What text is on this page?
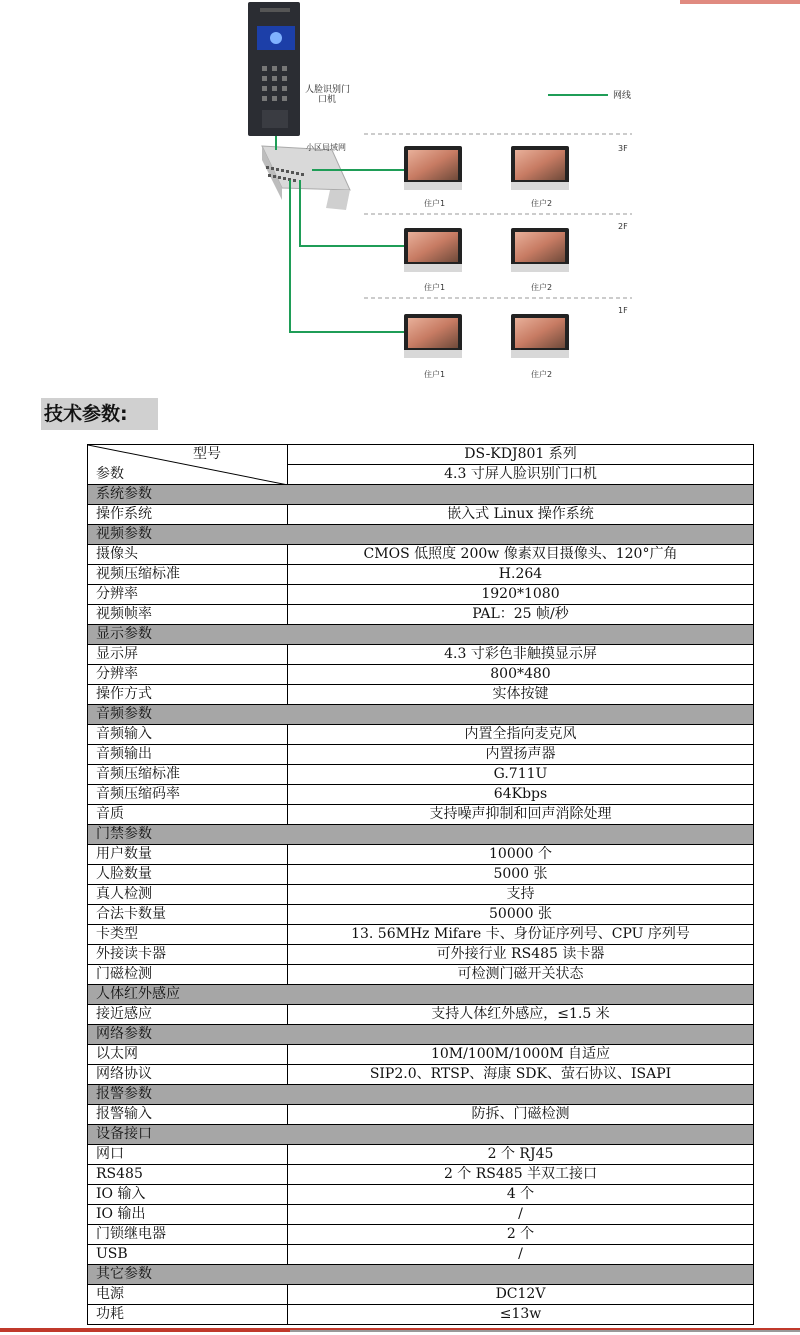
人脸识别门
口机	网线
小区局域网	3F
2F
1F
住户1	住户2
住户1	住户2
住户1	住户2
技术参数:
型号
参数	DS-KDJ801 系列
	4.3 寸屏人脸识别门口机
系统参数	
操作系统	嵌入式 Linux 操作系统
视频参数	
摄像头	CMOS 低照度 200w 像素双目摄像头、120°广角
视频压缩标准	H.264
分辨率	1920*1080
视频帧率	PAL：25 帧/秒
显示参数	
显示屏	4.3 寸彩色非触摸显示屏
分辨率	800*480
操作方式	实体按键
音频参数	
音频输入	内置全指向麦克风
音频输出	内置扬声器
音频压缩标准	G.711U
音频压缩码率	64Kbps
音质	支持噪声抑制和回声消除处理
门禁参数	
用户数量	10000 个
人脸数量	5000 张
真人检测	支持
合法卡数量	50000 张
卡类型	13. 56MHz Mifare 卡、身份证序列号、CPU 序列号
外接读卡器	可外接行业 RS485 读卡器
门磁检测	可检测门磁开关状态
人体红外感应	
接近感应	支持人体红外感应，≤1.5 米
网络参数	
以太网	10M/100M/1000M 自适应
网络协议	SIP2.0、RTSP、海康 SDK、萤石协议、ISAPI
报警参数	
报警输入	防拆、门磁检测
设备接口	
网口	2 个 RJ45
RS485	2 个 RS485 半双工接口
IO 输入	4 个
IO 输出	/
门锁继电器	2 个
USB	/
其它参数	
电源	DC12V
功耗	≤13w
